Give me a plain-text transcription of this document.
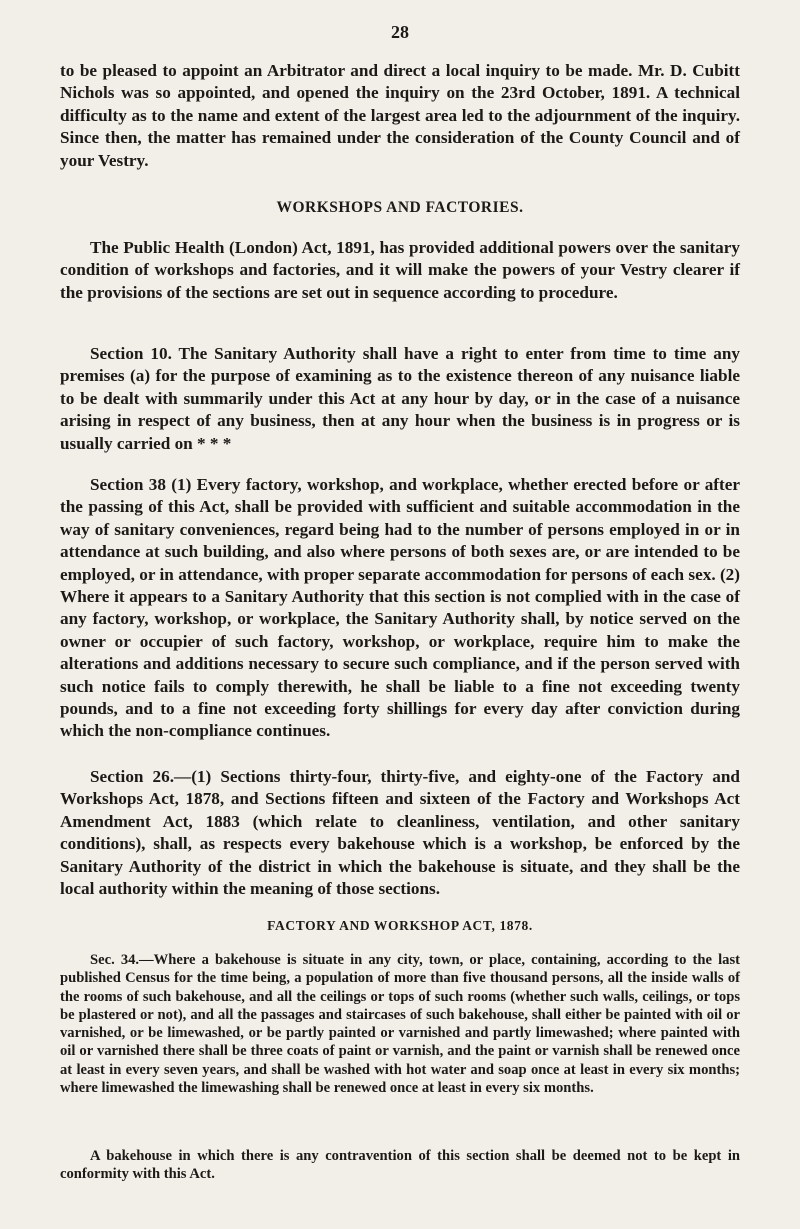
28

to be pleased to appoint an Arbitrator and direct a local inquiry to be made. Mr. D. Cubitt Nichols was so appointed, and opened the inquiry on the 23rd October, 1891. A technical difficulty as to the name and extent of the largest area led to the adjournment of the inquiry. Since then, the matter has remained under the consideration of the County Council and of your Vestry.

WORKSHOPS AND FACTORIES.

The Public Health (London) Act, 1891, has provided additional powers over the sanitary condition of workshops and factories, and it will make the powers of your Vestry clearer if the provisions of the sections are set out in sequence according to procedure.

Section 10. The Sanitary Authority shall have a right to enter from time to time any premises (a) for the purpose of examining as to the existence thereon of any nuisance liable to be dealt with summarily under this Act at any hour by day, or in the case of a nuisance arising in respect of any business, then at any hour when the business is in progress or is usually carried on * * *

Section 38 (1) Every factory, workshop, and workplace, whether erected before or after the passing of this Act, shall be provided with sufficient and suitable accommodation in the way of sanitary conveniences, regard being had to the number of persons employed in or in attendance at such building, and also where persons of both sexes are, or are intended to be employed, or in attendance, with proper separate accommodation for persons of each sex. (2) Where it appears to a Sanitary Authority that this section is not complied with in the case of any factory, workshop, or workplace, the Sanitary Authority shall, by notice served on the owner or occupier of such factory, workshop, or workplace, require him to make the alterations and additions necessary to secure such compliance, and if the person served with such notice fails to comply therewith, he shall be liable to a fine not exceeding twenty pounds, and to a fine not exceeding forty shillings for every day after conviction during which the non-compliance continues.

Section 26.—(1) Sections thirty-four, thirty-five, and eighty-one of the Factory and Workshops Act, 1878, and Sections fifteen and sixteen of the Factory and Workshops Act Amendment Act, 1883 (which relate to cleanliness, ventilation, and other sanitary conditions), shall, as respects every bakehouse which is a workshop, be enforced by the Sanitary Authority of the district in which the bakehouse is situate, and they shall be the local authority within the meaning of those sections.

FACTORY AND WORKSHOP ACT, 1878.

Sec. 34.—Where a bakehouse is situate in any city, town, or place, containing, according to the last published Census for the time being, a population of more than five thousand persons, all the inside walls of the rooms of such bakehouse, and all the ceilings or tops of such rooms (whether such walls, ceilings, or tops be plastered or not), and all the passages and staircases of such bakehouse, shall either be painted with oil or varnished, or be limewashed, or be partly painted or varnished and partly limewashed; where painted with oil or varnished there shall be three coats of paint or varnish, and the paint or varnish shall be renewed once at least in every seven years, and shall be washed with hot water and soap once at least in every six months; where limewashed the limewashing shall be renewed once at least in every six months.

A bakehouse in which there is any contravention of this section shall be deemed not to be kept in conformity with this Act.
